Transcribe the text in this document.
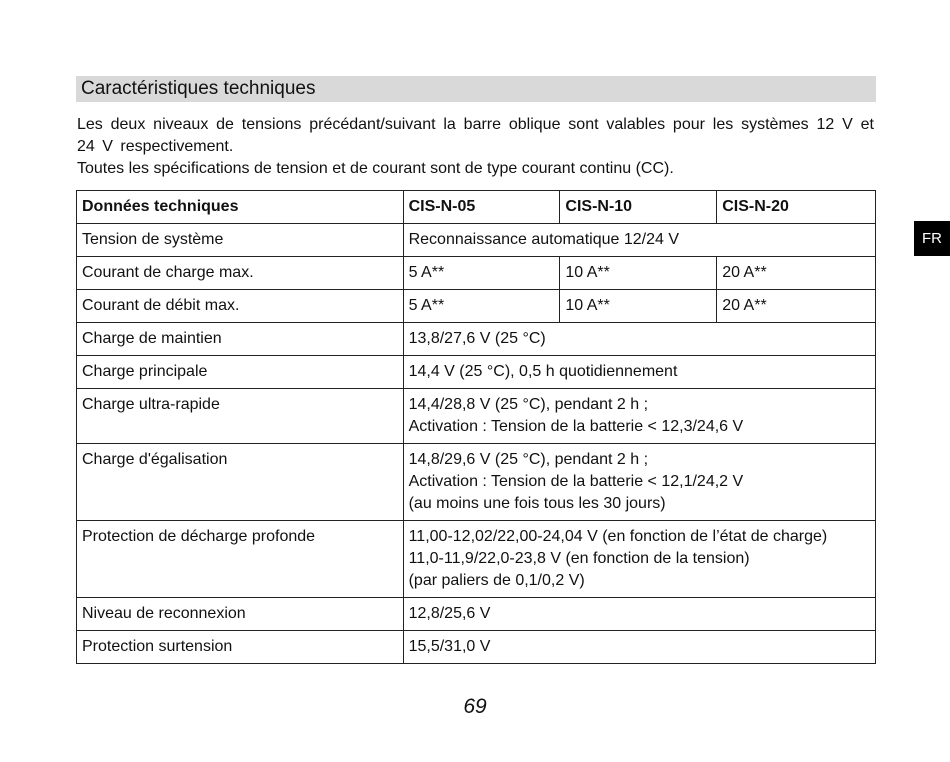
Caractéristiques techniques

Les deux niveaux de tensions précédant/suivant la barre oblique sont valables pour les systèmes 12 V et 24 V respectivement.

Toutes les spécifications de tension et de courant sont de type courant continu (CC).

Données techniques	CIS-N-05	CIS-N-10	CIS-N-20
Tension de système	Reconnaissance automatique 12/24 V		

Courant de charge max.	5 A**	10 A**	20 A**
Courant de débit max.	5 A**	10 A**	20 A**
Charge de maintien	13,8/27,6 V (25 °C)		

Charge principale	14,4 V (25 °C), 0,5 h quotidiennement		

Charge ultra-rapide	14,4/28,8 V (25 °C), pendant 2 h ;
Activation : Tension de la batterie < 12,3/24,6 V		

Charge d'égalisation	14,8/29,6 V (25 °C), pendant 2 h ;
Activation : Tension de la batterie < 12,1/24,2 V
(au moins une fois tous les 30 jours)		

Protection de décharge profonde	11,00-12,02/22,00-24,04 V (en fonction de l’état de charge)
11,0-11,9/22,0-23,8 V (en fonction de la tension)
(par paliers de 0,1/0,2 V)		

Niveau de reconnexion	12,8/25,6 V		

Protection surtension	15,5/31,0 V		
FR
69
